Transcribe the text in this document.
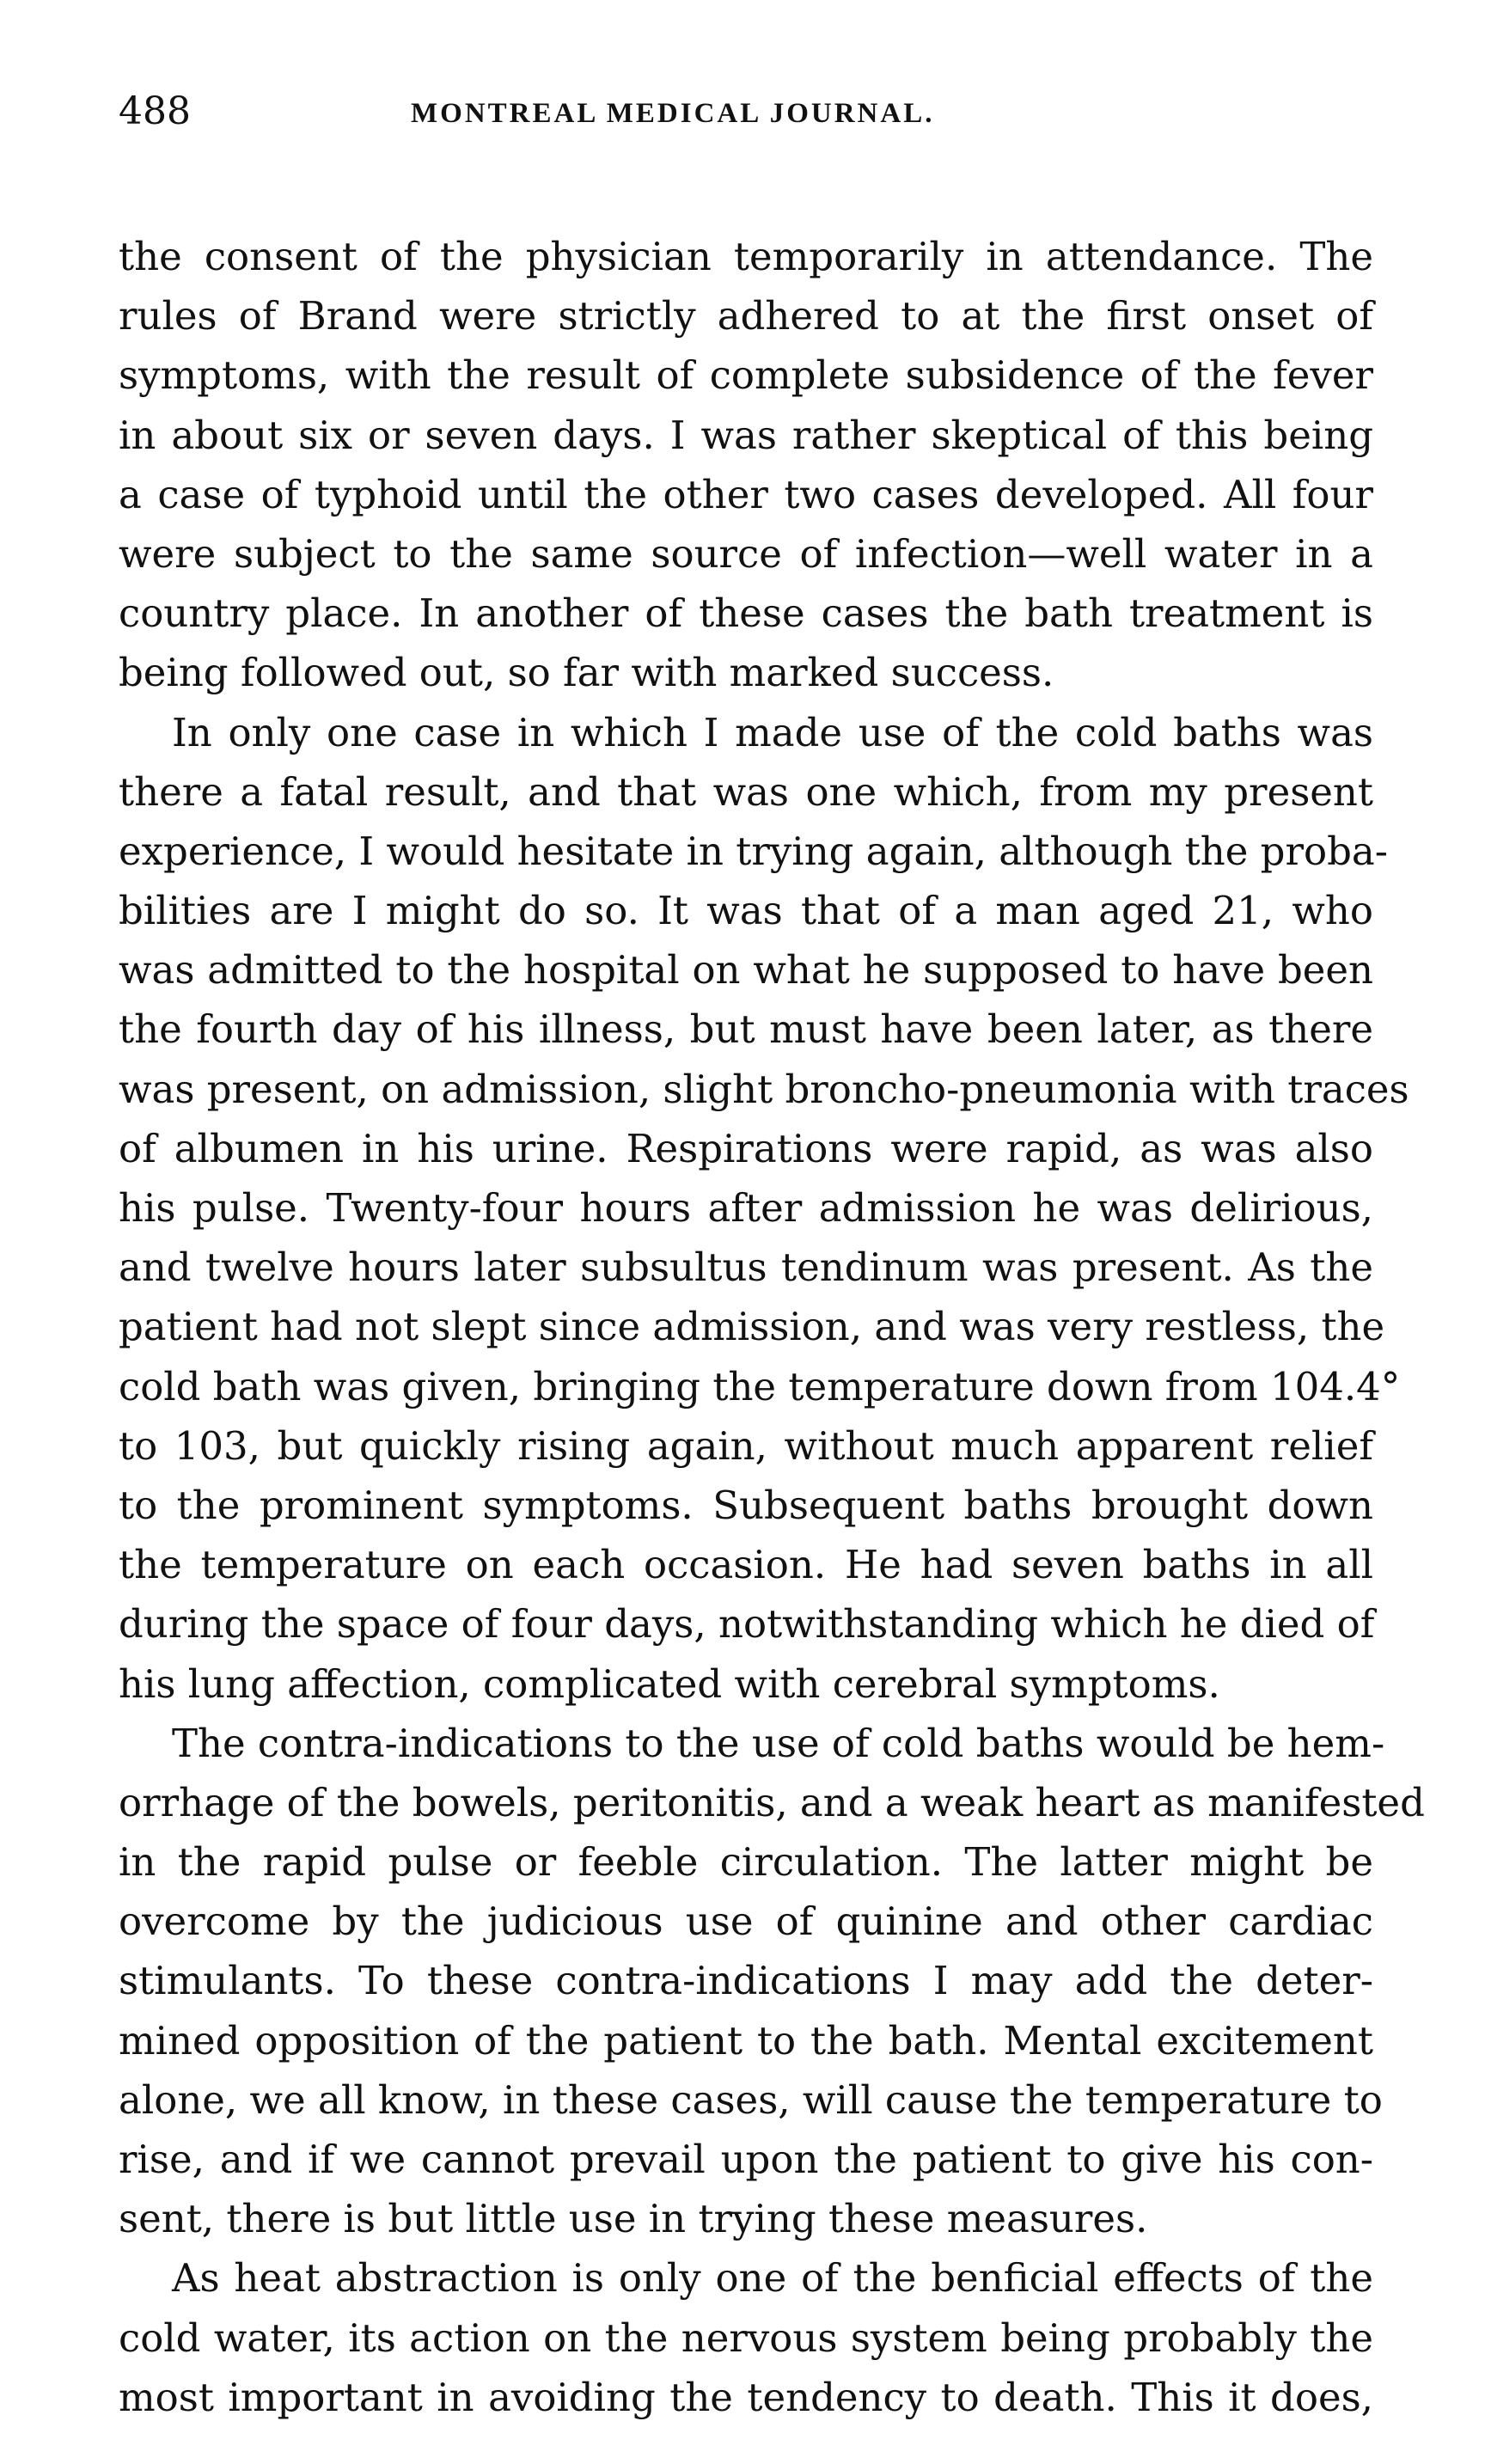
488	MONTREAL MEDICAL JOURNAL.
the consent of the physician temporarily in attendance. The
rules of Brand were strictly adhered to at the first onset of
symptoms, with the result of complete subsidence of the fever
in about six or seven days. I was rather skeptical of this being
a case of typhoid until the other two cases developed. All four
were subject to the same source of infection—well water in a
country place. In another of these cases the bath treatment is
being followed out, so far with marked success.
In only one case in which I made use of the cold baths was
there a fatal result, and that was one which, from my present
experience, I would hesitate in trying again, although the proba-
bilities are I might do so. It was that of a man aged 21, who
was admitted to the hospital on what he supposed to have been
the fourth day of his illness, but must have been later, as there
was present, on admission, slight broncho-pneumonia with traces
of albumen in his urine. Respirations were rapid, as was also
his pulse. Twenty-four hours after admission he was delirious,
and twelve hours later subsultus tendinum was present. As the
patient had not slept since admission, and was very restless, the
cold bath was given, bringing the temperature down from 104.4°
to 103, but quickly rising again, without much apparent relief
to the prominent symptoms. Subsequent baths brought down
the temperature on each occasion. He had seven baths in all
during the space of four days, notwithstanding which he died of
his lung affection, complicated with cerebral symptoms.
The contra-indications to the use of cold baths would be hem-
orrhage of the bowels, peritonitis, and a weak heart as manifested
in the rapid pulse or feeble circulation. The latter might be
overcome by the judicious use of quinine and other cardiac
stimulants. To these contra-indications I may add the deter-
mined opposition of the patient to the bath. Mental excitement
alone, we all know, in these cases, will cause the temperature to
rise, and if we cannot prevail upon the patient to give his con-
sent, there is but little use in trying these measures.
As heat abstraction is only one of the benficial effects of the
cold water, its action on the nervous system being probably the
most important in avoiding the tendency to death. This it does,
